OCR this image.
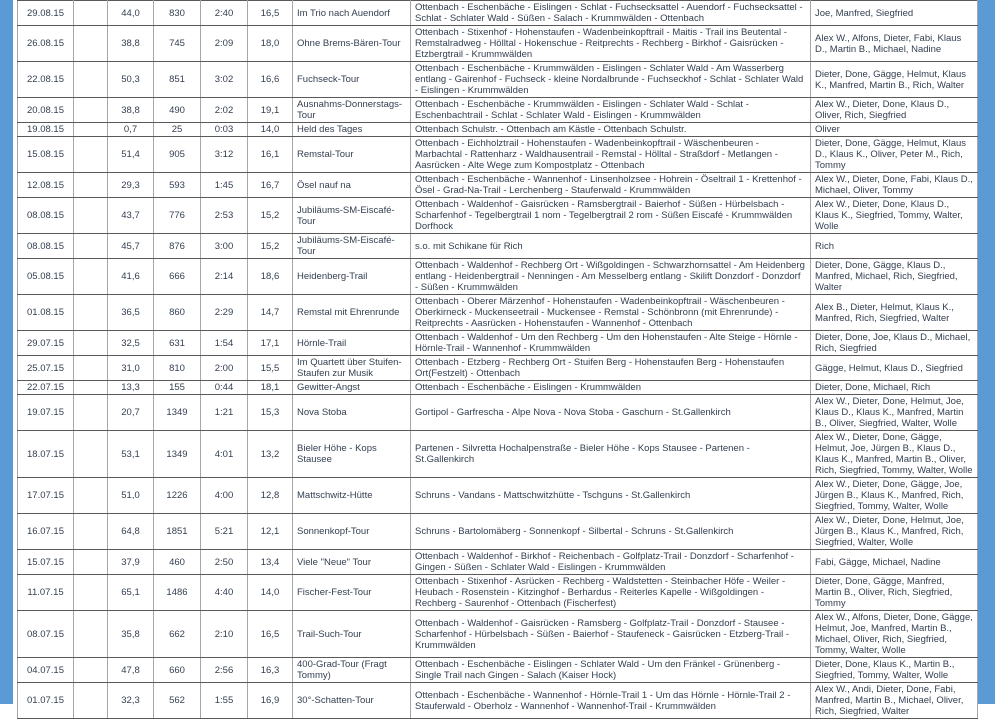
29.08.15		44,0	830	2:40	16,5	Im Trio nach Auendorf	Ottenbach - Eschenbäche - Eislingen - Schlat - Fuchsecksattel - Auendorf - Fuchsecksattel - Schlat - Schlater Wald - Süßen - Salach - Krummwälden - Ottenbach	Joe, Manfred, Siegfried
26.08.15		38,8	745	2:09	18,0	Ohne Brems-Bären-Tour	Ottenbach - Stixenhof - Hohenstaufen - Wadenbeinkopftrail - Maitis - Trail ins Beutental - Remstalradweg - Hölltal - Hokenschue - Reitprechts - Rechberg - Birkhof - Gaisrücken - Etzbergtrail - Krummwälden	Alex W., Alfons, Dieter, Fabi, Klaus D., Martin B., Michael, Nadine
22.08.15		50,3	851	3:02	16,6	Fuchseck-Tour	Ottenbach - Eschenbäche - Krummwälden - Eislingen - Schlater Wald - Am Wasserberg entlang - Gairenhof - Fuchseck - kleine Nordalbrunde - Fuchseckhof - Schlat - Schlater Wald - Eislingen - Krummwälden	Dieter, Done, Gägge, Helmut, Klaus K., Manfred, Martin B., Rich, Walter
20.08.15		38,8	490	2:02	19,1	Ausnahms-Donnerstags-Tour	Ottenbach - Eschenbäche - Krummwälden - Eislingen - Schlater Wald - Schlat - Eschenbachtrail - Schlat - Schlater Wald - Eislingen - Krummwälden	Alex W., Dieter, Done, Klaus D., Oliver, Rich, Siegfried
19.08.15		0,7	25	0:03	14,0	Held des Tages	Ottenbach Schulstr. - Ottenbach am Kästle - Ottenbach Schulstr.	Oliver
15.08.15		51,4	905	3:12	16,1	Remstal-Tour	Ottenbach - Eichholztrail - Hohenstaufen - Wadenbeinkopftrail - Wäschenbeuren - Marbachtal - Rattenharz - Waldhausentrail - Remstal - Hölltal - Straßdorf - Metlangen - Aasrücken - Alte Wege zum Kompostplatz - Ottenbach	Dieter, Done, Gägge, Helmut, Klaus D., Klaus K., Oliver, Peter M., Rich, Tommy
12.08.15		29,3	593	1:45	16,7	Ösel nauf na	Ottenbach - Eschenbäche - Wannenhof - Linsenholzsee - Hohrein - Öseltrail 1 - Krettenhof - Ösel - Grad-Na-Trail - Lerchenberg - Stauferwald - Krummwälden	Alex W., Dieter, Done, Fabi, Klaus D., Michael, Oliver, Tommy
08.08.15		43,7	776	2:53	15,2	Jubiläums-SM-Eiscafé-Tour	Ottenbach - Waldenhof - Gaisrücken - Ramsbergtrail - Baierhof - Süßen - Hürbelsbach - Scharfenhof - Tegelbergtrail 1 nom - Tegelbergtrail 2 rom - Süßen Eiscafé - Krummwälden Dorfhock	Alex W., Dieter, Done, Klaus D., Klaus K., Siegfried, Tommy, Walter, Wolle
08.08.15		45,7	876	3:00	15,2	Jubiläums-SM-Eiscafé-Tour	s.o. mit Schikane für Rich	Rich
05.08.15		41,6	666	2:14	18,6	Heidenberg-Trail	Ottenbach - Waldenhof - Rechberg Ort - Wißgoldingen - Schwarzhornsattel - Am Heidenberg entlang - Heidenbergtrail - Nenningen - Am Messelberg entlang - Skilift Donzdorf - Donzdorf - Süßen - Krummwälden	Dieter, Done, Gägge, Klaus D., Manfred, Michael, Rich, Siegfried, Walter
01.08.15		36,5	860	2:29	14,7	Remstal mit Ehrenrunde	Ottenbach - Oberer Märzenhof - Hohenstaufen - Wadenbeinkopftrail - Wäschenbeuren - Oberkirneck - Muckenseetrail - Muckensee - Remstal - Schönbronn (mit Ehrenrunde) - Reitprechts - Aasrücken - Hohenstaufen - Wannenhof - Ottenbach	Alex B., Dieter, Helmut, Klaus K., Manfred, Rich, Siegfried, Walter
29.07.15		32,5	631	1:54	17,1	Hörnle-Trail	Ottenbach - Waldenhof - Um den Rechberg - Um den Hohenstaufen - Alte Steige - Hörnle - Hörnle-Trail - Wannenhof - Krummwälden	Dieter, Done, Joe, Klaus D., Michael, Rich, Siegfried
25.07.15		31,0	810	2:00	15,5	Im Quartett über Stuifen-Staufen zur Musik	Ottenbach - Etzberg - Rechberg Ort - Stuifen Berg - Hohenstaufen Berg - Hohenstaufen Ort(Festzelt) - Ottenbach	Gägge, Helmut, Klaus D., Siegfried
22.07.15		13,3	155	0:44	18,1	Gewitter-Angst	Ottenbach - Eschenbäche - Eislingen - Krummwälden	Dieter, Done, Michael, Rich
19.07.15		20,7	1349	1:21	15,3	Nova Stoba	Gortipol - Garfrescha - Alpe Nova - Nova Stoba - Gaschurn - St.Gallenkirch	Alex W., Dieter, Done, Helmut, Joe, Klaus D., Klaus K., Manfred, Martin B., Oliver, Siegfried, Walter, Wolle
18.07.15		53,1	1349	4:01	13,2	Bieler Höhe - Kops Stausee	Partenen - Silvretta Hochalpenstraße - Bieler Höhe - Kops Stausee - Partenen - St.Gallenkirch	Alex W., Dieter, Done, Gägge, Helmut, Joe, Jürgen B., Klaus D., Klaus K., Manfred, Martin B., Oliver, Rich, Siegfried, Tommy, Walter, Wolle
17.07.15		51,0	1226	4:00	12,8	Mattschwitz-Hütte	Schruns - Vandans - Mattschwitzhütte - Tschguns - St.Gallenkirch	Alex W., Dieter, Done, Gägge, Joe, Jürgen B., Klaus K., Manfred, Rich, Siegfried, Tommy, Walter, Wolle
16.07.15		64,8	1851	5:21	12,1	Sonnenkopf-Tour	Schruns - Bartolomäberg - Sonnenkopf - Silbertal - Schruns - St.Gallenkirch	Alex W., Dieter, Done, Helmut, Joe, Jürgen B., Klaus K., Manfred, Rich, Siegfried, Walter, Wolle
15.07.15		37,9	460	2:50	13,4	Viele "Neue" Tour	Ottenbach - Waldenhof - Birkhof - Reichenbach - Golfplatz-Trail - Donzdorf - Scharfenhof - Gingen - Süßen - Schlater Wald - Eislingen - Krummwälden	Fabi, Gägge, Michael, Nadine
11.07.15		65,1	1486	4:40	14,0	Fischer-Fest-Tour	Ottenbach - Stixenhof - Asrücken - Rechberg - Waldstetten - Steinbacher Höfe - Weiler - Heubach - Rosenstein - Kitzinghof - Berhardus - Reiterles Kapelle - Wißgoldingen - Rechberg - Saurenhof - Ottenbach (Fischerfest)	Dieter, Done, Gägge, Manfred, Martin B., Oliver, Rich, Siegfried, Tommy
08.07.15		35,8	662	2:10	16,5	Trail-Such-Tour	Ottenbach - Waldenhof - Gaisrücken - Ramsberg - Golfplatz-Trail - Donzdorf - Stausee - Scharfenhof - Hürbelsbach - Süßen - Baierhof - Staufeneck - Gaisrücken - Etzberg-Trail - Krummwälden	Alex W., Alfons, Dieter, Done, Gägge, Helmut, Joe, Manfred, Martin B., Michael, Oliver, Rich, Siegfried, Tommy, Walter, Wolle
04.07.15		47,8	660	2:56	16,3	400-Grad-Tour (Fragt Tommy)	Ottenbach - Eschenbäche - Eislingen - Schlater Wald - Um den Fränkel - Grünenberg - Single Trail nach Gingen - Salach (Kaiser Hock)	Dieter, Done, Klaus K., Martin B., Siegfried, Tommy, Walter, Wolle
01.07.15		32,3	562	1:55	16,9	30°-Schatten-Tour	Ottenbach - Eschenbäche - Wannenhof - Hörnle-Trail 1 - Um das Hörnle - Hörnle-Trail 2 - Stauferwald - Oberholz - Wannenhof - Wannenhof-Trail - Krummwälden	Alex W., Andi, Dieter, Done, Fabi, Manfred, Martin B., Michael, Oliver, Rich, Siegfried, Walter
